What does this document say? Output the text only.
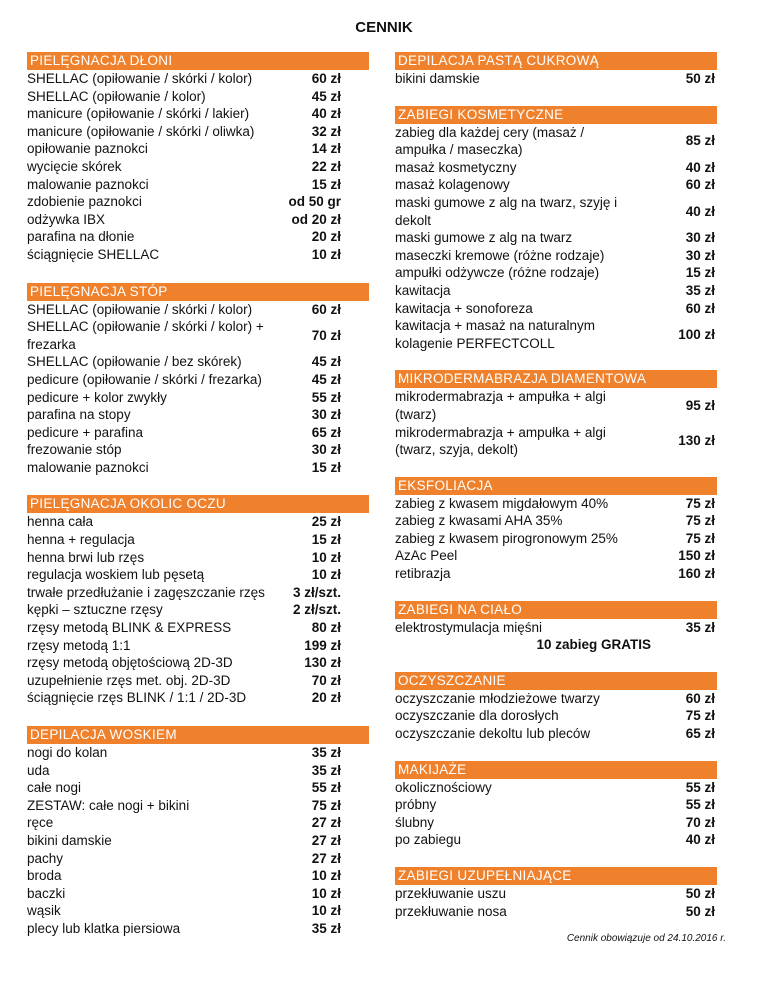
CENNIK
PIELĘGNACJA DŁONI
SHELLAC (opiłowanie / skórki / kolor)	60 zł
SHELLAC (opiłowanie / kolor)	45 zł
manicure (opiłowanie / skórki / lakier)	40 zł
manicure (opiłowanie / skórki / oliwka)	32 zł
opiłowanie paznokci	14 zł
wycięcie skórek	22 zł
malowanie paznokci	15 zł
zdobienie paznokci	od 50 gr
odżywka IBX	od 20 zł
parafina na dłonie	20 zł
ściągnięcie SHELLAC	10 zł
PIELĘGNACJA STÓP
SHELLAC (opiłowanie / skórki / kolor)	60 zł
SHELLAC (opiłowanie / skórki / kolor) + frezarka
70 zł
SHELLAC (opiłowanie / bez skórek)	45 zł
pedicure (opiłowanie / skórki / frezarka)	45 zł
pedicure + kolor zwykły	55 zł
parafina na stopy	30 zł
pedicure + parafina	65 zł
frezowanie stóp	30 zł
malowanie paznokci	15 zł
PIELĘGNACJA OKOLIC OCZU
henna cała	25 zł
henna + regulacja	15 zł
henna brwi lub rzęs	10 zł
regulacja woskiem lub pęsetą	10 zł
trwałe przedłużanie i zagęszczanie rzęs	3 zł/szt.
kępki – sztuczne rzęsy	2 zł/szt.
rzęsy metodą BLINK & EXPRESS	80 zł
rzęsy metodą 1:1	199 zł
rzęsy metodą objętościową 2D-3D	130 zł
uzupełnienie rzęs met. obj. 2D-3D	70 zł
ściągnięcie rzęs BLINK / 1:1 / 2D-3D	20 zł
DEPILACJA WOSKIEM
nogi do kolan	35 zł
uda	35 zł
całe nogi	55 zł
ZESTAW: całe nogi + bikini	75 zł
ręce	27 zł
bikini damskie	27 zł
pachy	27 zł
broda	10 zł
baczki	10 zł
wąsik	10 zł
plecy lub klatka piersiowa	35 zł
DEPILACJA PASTĄ CUKROWĄ
bikini damskie	50 zł
ZABIEGI KOSMETYCZNE
zabieg dla każdej cery (masaż / ampułka / maseczka)
85 zł
masaż kosmetyczny	40 zł
masaż kolagenowy	60 zł
maski gumowe z alg na twarz, szyję i dekolt
40 zł
maski gumowe z alg na twarz	30 zł
maseczki kremowe (różne rodzaje)	30 zł
ampułki odżywcze (różne rodzaje)	15 zł
kawitacja	35 zł
kawitacja + sonoforeza	60 zł
kawitacja + masaż na naturalnym kolagenie PERFECTCOLL
100 zł
MIKRODERMABRAZJA DIAMENTOWA
mikrodermabrazja + ampułka + algi (twarz)
95 zł
mikrodermabrazja + ampułka + algi (twarz, szyja, dekolt)
130 zł
EKSFOLIACJA
zabieg z kwasem migdałowym 40%	75 zł
zabieg z kwasami AHA 35%	75 zł
zabieg z kwasem pirogronowym 25%	75 zł
AzAc Peel	150 zł
retibrazja	160 zł
ZABIEGI NA CIAŁO
elektrostymulacja mięśni	35 zł
10 zabieg GRATIS
OCZYSZCZANIE
oczyszczanie młodzieżowe twarzy	60 zł
oczyszczanie dla dorosłych	75 zł
oczyszczanie dekoltu lub pleców	65 zł
MAKIJAŻE
okolicznościowy	55 zł
próbny	55 zł
ślubny	70 zł
po zabiegu	40 zł
ZABIEGI UZUPEŁNIAJĄCE
przekłuwanie uszu	50 zł
przekłuwanie nosa	50 zł
Cennik obowiązuje od 24.10.2016 r.
